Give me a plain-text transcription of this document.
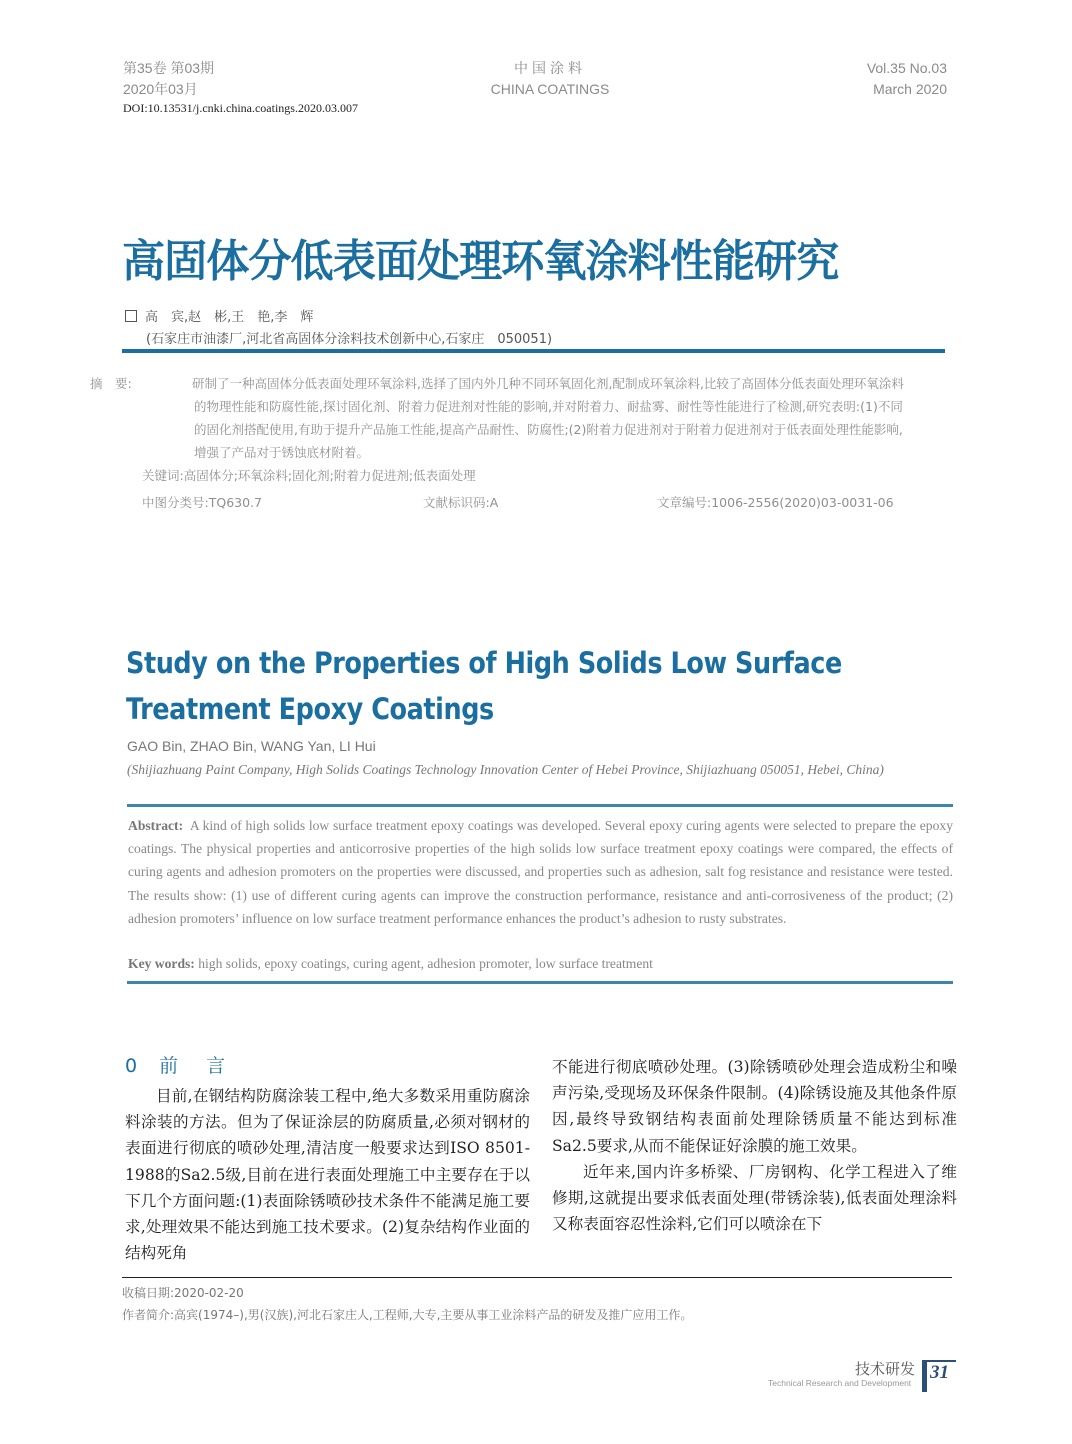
第35卷 第03期
2020年03月
中国涂料
CHINA COATINGS
Vol.35 No.03
March 2020
DOI:10.13531/j.cnki.china.coatings.2020.03.007
高固体分低表面处理环氧涂料性能研究
高　宾,赵　彬,王　艳,李　辉
(石家庄市油漆厂,河北省高固体分涂料技术创新中心,石家庄　050051)
摘　要:	研制了一种高固体分低表面处理环氧涂料,选择了国内外几种不同环氧固化剂,配制成环氧涂料,比较了高固体分低表面处理环氧涂料的物理性能和防腐性能,探讨固化剂、附着力促进剂对性能的影响,并对附着力、耐盐雾、耐性等性能进行了检测,研究表明:(1)不同的固化剂搭配使用,有助于提升产品施工性能,提高产品耐性、防腐性;(2)附着力促进剂对于附着力促进剂对于低表面处理性能影响,增强了产品对于锈蚀底材附着。
关键词:高固体分;环氧涂料;固化剂;附着力促进剂;低表面处理
中图分类号:TQ630.7	文献标识码:A	文章编号:1006-2556(2020)03-0031-06
Study on the Properties of High Solids Low Surface
Treatment Epoxy Coatings
GAO Bin, ZHAO Bin, WANG Yan, LI Hui
(Shijiazhuang Paint Company, High Solids Coatings Technology Innovation Center of Hebei Province, Shijiazhuang 050051, Hebei, China)
Abstract: A kind of high solids low surface treatment epoxy coatings was developed. Several epoxy curing agents were selected to prepare the epoxy coatings. The physical properties and anticorrosive properties of the high solids low surface treatment epoxy coatings were compared, the effects of curing agents and adhesion promoters on the properties were discussed, and properties such as adhesion, salt fog resistance and resistance were tested. The results show: (1) use of different curing agents can improve the construction performance, resistance and anti-corrosiveness of the product; (2) adhesion promoters’ influence on low surface treatment performance enhances the product’s adhesion to rusty substrates.
Key words: high solids, epoxy coatings, curing agent, adhesion promoter, low surface treatment
0 前 言

目前,在钢结构防腐涂装工程中,绝大多数采用重防腐涂料涂装的方法。但为了保证涂层的防腐质量,必须对钢材的表面进行彻底的喷砂处理,清洁度一般要求达到ISO 8501-1988的Sa2.5级,目前在进行表面处理施工中主要存在于以下几个方面问题:(1)表面除锈喷砂技术条件不能满足施工要求,处理效果不能达到施工技术要求。(2)复杂结构作业面的结构死角

不能进行彻底喷砂处理。(3)除锈喷砂处理会造成粉尘和噪声污染,受现场及环保条件限制。(4)除锈设施及其他条件原因,最终导致钢结构表面前处理除锈质量不能达到标准Sa2.5要求,从而不能保证好涂膜的施工效果。

近年来,国内许多桥梁、厂房钢构、化学工程进入了维修期,这就提出要求低表面处理(带锈涂装),低表面处理涂料又称表面容忍性涂料,它们可以喷涂在下

收稿日期:2020-02-20
作者简介:高宾(1974–),男(汉族),河北石家庄人,工程师,大专,主要从事工业涂料产品的研发及推广应用工作。
技术研发
Technical Research and Development 31
